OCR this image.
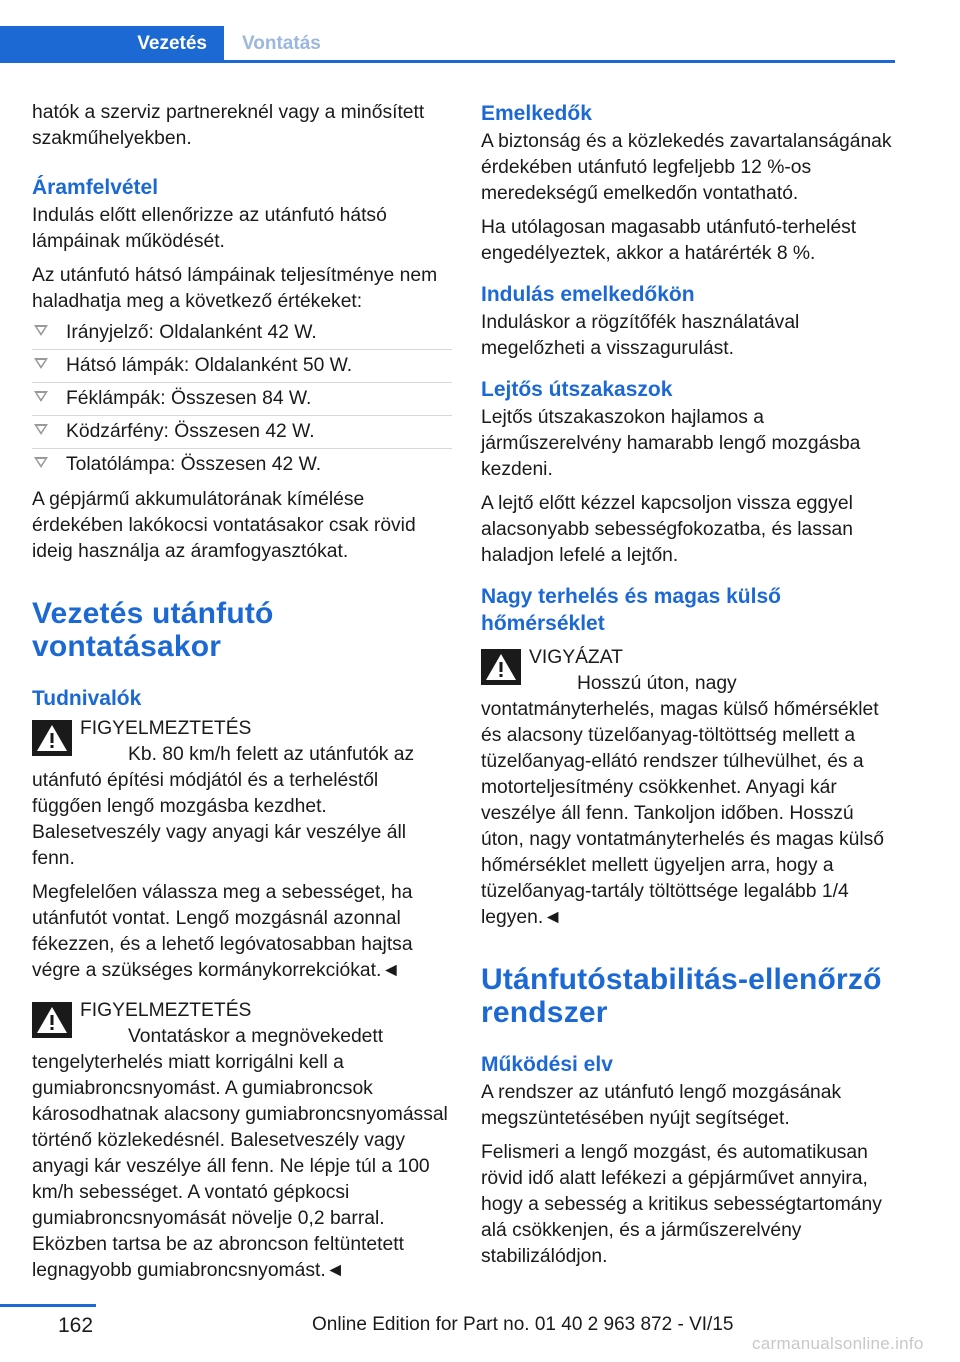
Vezetés	Vontatás

hatók a szerviz partnereknél vagy a minősített szakműhelyekben.

Áramfelvétel

Indulás előtt ellenőrizze az utánfutó hátsó lámpáinak működését.

Az utánfutó hátsó lámpáinak teljesítménye nem haladhatja meg a következő értékeket:

Irányjelző: Oldalanként 42 W.
Hátsó lámpák: Oldalanként 50 W.
Féklámpák: Összesen 84 W.
Ködzárfény: Összesen 42 W.
Tolatólámpa: Összesen 42 W.

A gépjármű akkumulátorának kímélése érdekében lakókocsi vontatásakor csak rövid ideig használja az áramfogyasztókat.

Vezetés utánfutó vontatásakor
Tudnivalók
FIGYELMEZTETÉS
Kb. 80 km/h felett az utánfutók az utánfutó építési módjától és a terheléstől függően lengő mozgásba kezdhet. Balesetveszély vagy anyagi kár veszélye áll fenn.

Megfelelően válassza meg a sebességet, ha utánfutót vontat. Lengő mozgásnál azonnal fékezzen, és a lehető legóvatosabban hajtsa végre a szükséges kormánykorrekciókat.◄

FIGYELMEZTETÉS
Vontatáskor a megnövekedett tengelyterhelés miatt korrigálni kell a gumiabroncsnyomást. A gumiabroncsok károsodhatnak alacsony gumiabroncsnyomással történő közlekedésnél. Balesetveszély vagy anyagi kár veszélye áll fenn. Ne lépje túl a 100 km/h sebességet. A vontató gépkocsi gumiabroncsnyomását növelje 0,2 barral. Eközben tartsa be az abroncson feltüntetett legnagyobb gumiabroncsnyomást.◄
Emelkedők

A biztonság és a közlekedés zavartalanságának érdekében utánfutó legfeljebb 12 %-os meredekségű emelkedőn vontatható.

Ha utólagosan magasabb utánfutó-terhelést engedélyeztek, akkor a határérték 8 %.

Indulás emelkedőkön

Induláskor a rögzítőfék használatával megelőzheti a visszagurulást.

Lejtős útszakaszok

Lejtős útszakaszokon hajlamos a járműszerelvény hamarabb lengő mozgásba kezdeni.

A lejtő előtt kézzel kapcsoljon vissza eggyel alacsonyabb sebességfokozatba, és lassan haladjon lefelé a lejtőn.

Nagy terhelés és magas külső hőmérséklet
VIGYÁZAT
Hosszú úton, nagy vontatmányterhelés, magas külső hőmérséklet és alacsony tüzelőanyag-töltöttség mellett a tüzelőanyag-ellátó rendszer túlhevülhet, és a motorteljesítmény csökkenhet. Anyagi kár veszélye áll fenn. Tankoljon időben. Hosszú úton, nagy vontatmányterhelés és magas külső hőmérséklet mellett ügyeljen arra, hogy a tüzelőanyag-tartály töltöttsége legalább 1/4 legyen.◄
Utánfutóstabilitás-ellenőrző rendszer
Működési elv

A rendszer az utánfutó lengő mozgásának megszüntetésében nyújt segítséget.

Felismeri a lengő mozgást, és automatikusan rövid idő alatt lefékezi a gépjárművet annyira, hogy a sebesség a kritikus sebességtartomány alá csökkenjen, és a járműszerelvény stabilizálódjon.

162	Online Edition for Part no. 01 40 2 963 872 - VI/15
carmanualsonline.info
